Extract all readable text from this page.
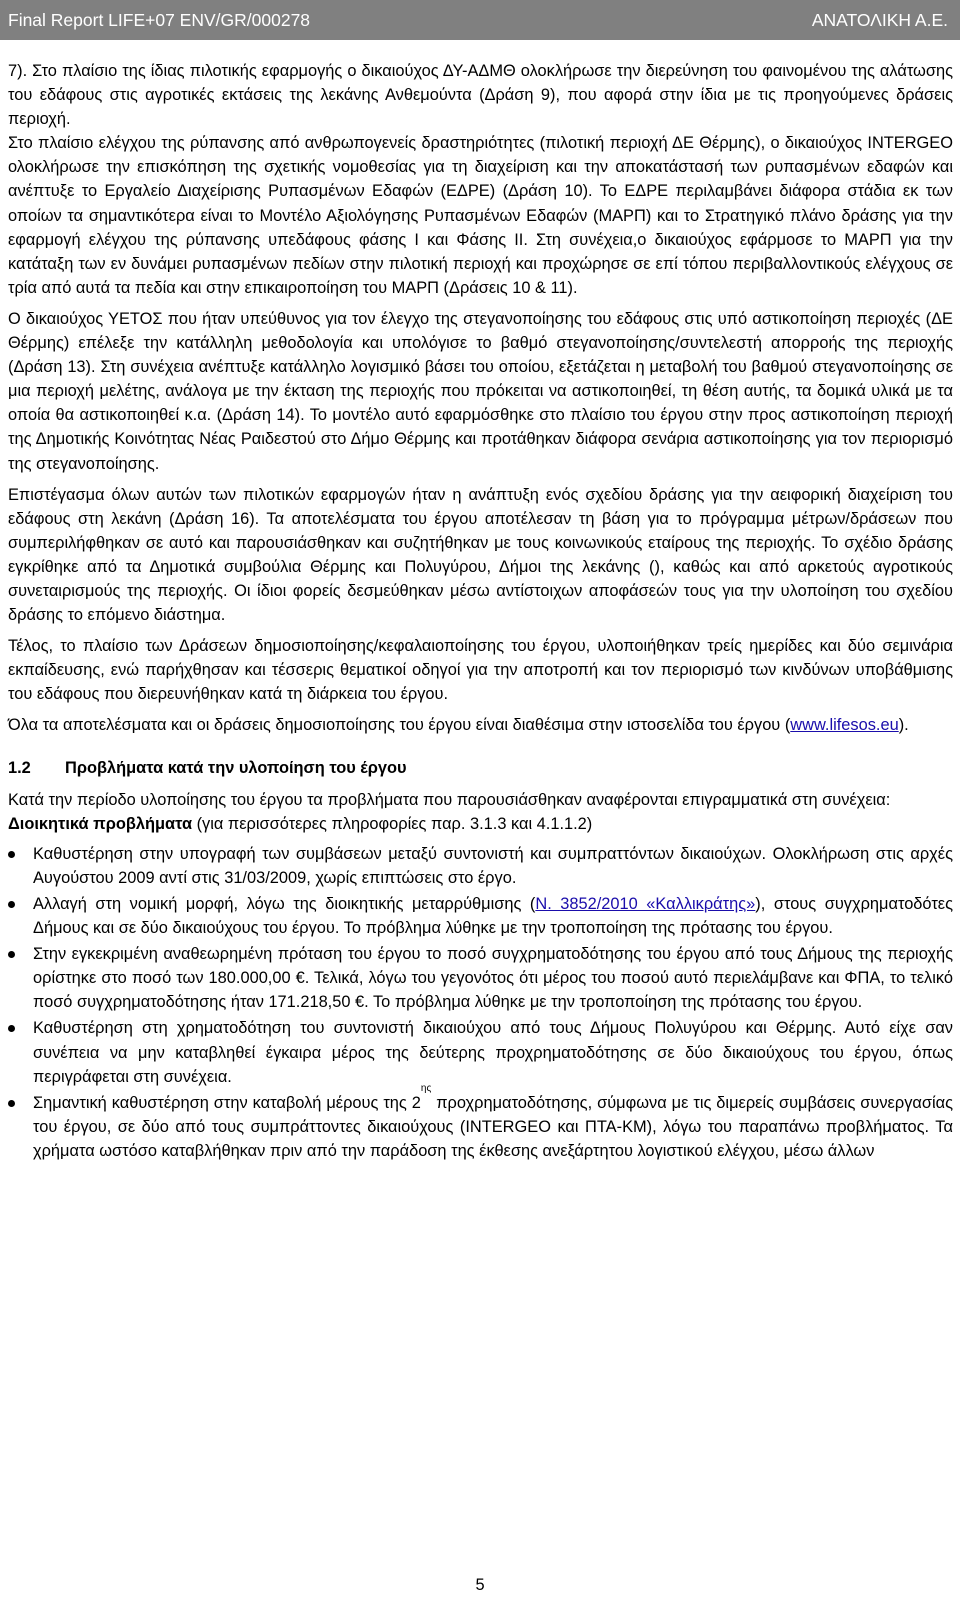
Final Report LIFE+07 ENV/GR/000278	ΑΝΑΤΟΛΙΚΗ Α.Ε.

7). Στο πλαίσιο της ίδιας πιλοτικής εφαρμογής ο δικαιούχος ΔΥ-ΑΔΜΘ ολοκλήρωσε την διερεύνηση του φαινομένου της αλάτωσης του εδάφους στις αγροτικές εκτάσεις της λεκάνης Ανθεμούντα (Δράση 9), που αφορά στην ίδια με τις προηγούμενες δράσεις περιοχή.

Στο πλαίσιο ελέγχου της ρύπανσης από ανθρωπογενείς δραστηριότητες (πιλοτική περιοχή ΔΕ Θέρμης), ο δικαιούχος INTERGEO ολοκλήρωσε την επισκόπηση της σχετικής νομοθεσίας για τη διαχείριση και την αποκατάστασή των ρυπασμένων εδαφών και ανέπτυξε το Εργαλείο Διαχείρισης Ρυπασμένων Εδαφών (ΕΔΡΕ) (Δράση 10). Το ΕΔΡΕ περιλαμβάνει διάφορα στάδια εκ των οποίων τα σημαντικότερα είναι το Μοντέλο Αξιολόγησης Ρυπασμένων Εδαφών (ΜΑΡΠ) και το Στρατηγικό πλάνο δράσης για την εφαρμογή ελέγχου της ρύπανσης υπεδάφους φάσης Ι και Φάσης ΙΙ. Στη συνέχεια,ο δικαιούχος εφάρμοσε το ΜΑΡΠ για την κατάταξη των εν δυνάμει ρυπασμένων πεδίων στην πιλοτική περιοχή και προχώρησε σε επί τόπου περιβαλλοντικούς ελέγχους σε τρία από αυτά τα πεδία και στην επικαιροποίηση του ΜΑΡΠ (Δράσεις 10 & 11).

Ο δικαιούχος ΥΕΤΟΣ που ήταν υπεύθυνος για τον έλεγχο της στεγανοποίησης του εδάφους στις υπό αστικοποίηση περιοχές (ΔΕ Θέρμης) επέλεξε την κατάλληλη μεθοδολογία και υπολόγισε το βαθμό στεγανοποίησης/συντελεστή απορροής της περιοχής (Δράση 13). Στη συνέχεια ανέπτυξε κατάλληλο λογισμικό βάσει του οποίου, εξετάζεται η μεταβολή του βαθμού στεγανοποίησης σε μια περιοχή μελέτης, ανάλογα με την έκταση της περιοχής που πρόκειται να αστικοποιηθεί, τη θέση αυτής, τα δομικά υλικά με τα οποία θα αστικοποιηθεί κ.α. (Δράση 14). Το μοντέλο αυτό εφαρμόσθηκε στο πλαίσιο του έργου στην προς αστικοποίηση περιοχή της Δημοτικής Κοινότητας Νέας Ραιδεστού στο Δήμο Θέρμης και προτάθηκαν διάφορα σενάρια αστικοποίησης για τον περιορισμό της στεγανοποίησης.

Επιστέγασμα όλων αυτών των πιλοτικών εφαρμογών ήταν η ανάπτυξη ενός σχεδίου δράσης για την αειφορική διαχείριση του εδάφους στη λεκάνη (Δράση 16). Τα αποτελέσματα του έργου αποτέλεσαν τη βάση για το πρόγραμμα μέτρων/δράσεων που συμπεριλήφθηκαν σε αυτό και παρουσιάσθηκαν και συζητήθηκαν με τους κοινωνικούς εταίρους της περιοχής. Το σχέδιο δράσης εγκρίθηκε από τα Δημοτικά συμβούλια Θέρμης και Πολυγύρου, Δήμοι της λεκάνης (), καθώς και από αρκετούς αγροτικούς συνεταιρισμούς της περιοχής. Οι ίδιοι φορείς δεσμεύθηκαν μέσω αντίστοιχων αποφάσεών τους για την υλοποίηση του σχεδίου δράσης το επόμενο διάστημα.

Τέλος, το πλαίσιο των Δράσεων δημοσιοποίησης/κεφαλαιοποίησης του έργου, υλοποιήθηκαν τρείς ημερίδες και δύο σεμινάρια εκπαίδευσης, ενώ παρήχθησαν και τέσσερις θεματικοί οδηγοί για την αποτροπή και τον περιορισμό των κινδύνων υποβάθμισης του εδάφους που διερευνήθηκαν κατά τη διάρκεια του έργου.

Όλα τα αποτελέσματα και οι δράσεις δημοσιοποίησης του έργου είναι διαθέσιμα στην ιστοσελίδα του έργου (www.lifesos.eu).

1.2	Προβλήματα κατά την υλοποίηση του έργου

Κατά την περίοδο υλοποίησης του έργου τα προβλήματα που παρουσιάσθηκαν αναφέρονται επιγραμματικά στη συνέχεια:

Διοικητικά προβλήματα (για περισσότερες πληροφορίες παρ. 3.1.3 και 4.1.1.2)

Καθυστέρηση στην υπογραφή των συμβάσεων μεταξύ συντονιστή και συμπραττόντων δικαιούχων. Ολοκλήρωση στις αρχές Αυγούστου 2009 αντί στις 31/03/2009, χωρίς επιπτώσεις στο έργο.
Αλλαγή στη νομική μορφή, λόγω της διοικητικής μεταρρύθμισης (Ν. 3852/2010 «Καλλικράτης»), στους συγχρηματοδότες Δήμους και σε δύο δικαιούχους του έργου. Το πρόβλημα λύθηκε με την τροποποίηση της πρότασης του έργου.
Στην εγκεκριμένη αναθεωρημένη πρόταση του έργου το ποσό συγχρηματοδότησης του έργου από τους Δήμους της περιοχής ορίστηκε στο ποσό των 180.000,00 €. Τελικά, λόγω του γεγονότος ότι μέρος του ποσού αυτό περιελάμβανε και ΦΠΑ, το τελικό ποσό συγχρηματοδότησης ήταν 171.218,50 €. Το πρόβλημα λύθηκε με την τροποποίηση της πρότασης του έργου.
Καθυστέρηση στη χρηματοδότηση του συντονιστή δικαιούχου από τους Δήμους Πολυγύρου και Θέρμης. Αυτό είχε σαν συνέπεια να μην καταβληθεί έγκαιρα μέρος της δεύτερης προχρηματοδότησης σε δύο δικαιούχους του έργου, όπως περιγράφεται στη συνέχεια.
Σημαντική καθυστέρηση στην καταβολή μέρους της $2^{\eta\varsigma}$ προχρηματοδότησης, σύμφωνα με τις διμερείς συμβάσεις συνεργασίας του έργου, σε δύο από τους συμπράττοντες δικαιούχους (INTERGEO και ΠΤΑ-ΚΜ), λόγω του παραπάνω προβλήματος. Τα χρήματα ωστόσο καταβλήθηκαν πριν από την παράδοση της έκθεσης ανεξάρτητου λογιστικού ελέγχου, μέσω άλλων
5
